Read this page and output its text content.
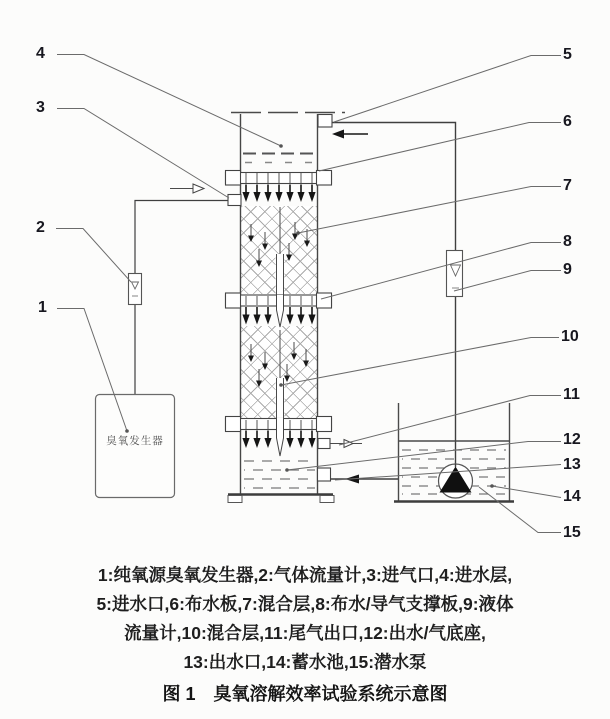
1
2
3
4	5
6
7
8
9
10
11
12
13
14
15
臭氧发生器
1:纯氧源臭氧发生器,2:气体流量计,3:进气口,4:进水层,
5:进水口,6:布水板,7:混合层,8:布水/导气支撑板,9:液体
流量计,10:混合层,11:尾气出口,12:出水/气底座,
13:出水口,14:蓄水池,15:潜水泵
图 1　臭氧溶解效率试验系统示意图
